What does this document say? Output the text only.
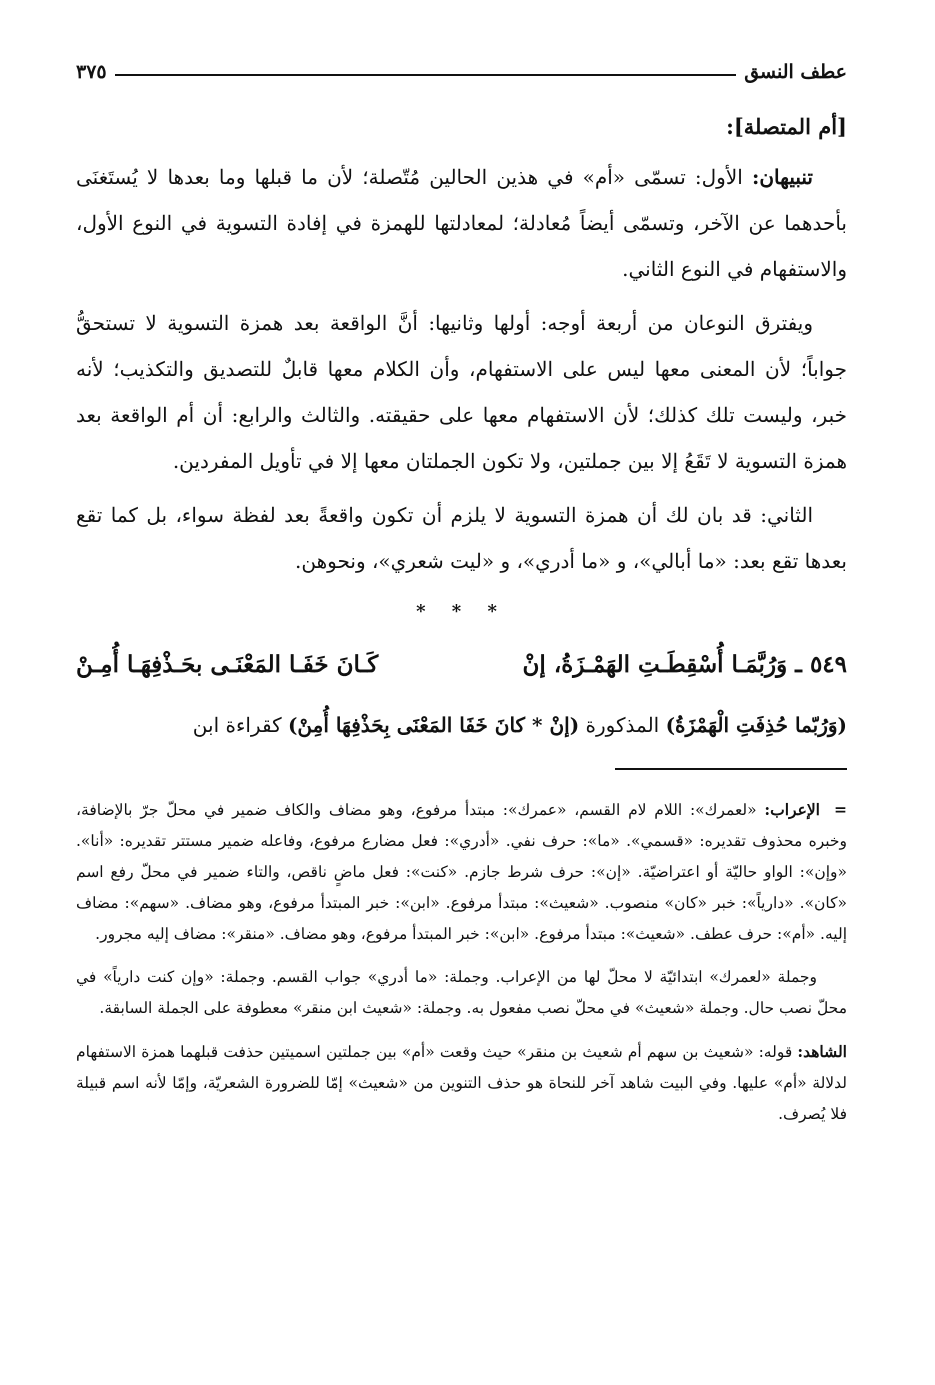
عطف النسق
٣٧٥
[أم المتصلة]:

تنبيهان: الأول: تسمّى «أم» في هذين الحالين مُتّصلة؛ لأن ما قبلها وما بعدها لا يُستَغنَى بأحدهما عن الآخر، وتسمّى أيضاً مُعادلة؛ لمعادلتها للهمزة في إفادة التسوية في النوع الأول، والاستفهام في النوع الثاني.

ويفترق النوعان من أربعة أوجه: أولها وثانيها: أنَّ الواقعة بعد همزة التسوية لا تستحقُّ جواباً؛ لأن المعنى معها ليس على الاستفهام، وأن الكلام معها قابلٌ للتصديق والتكذيب؛ لأنه خبر، وليست تلك كذلك؛ لأن الاستفهام معها على حقيقته. والثالث والرابع: أن أم الواقعة بعد همزة التسوية لا تَقَعُ إلا بين جملتين، ولا تكون الجملتان معها إلا في تأويل المفردين.

الثاني: قد بان لك أن همزة التسوية لا يلزم أن تكون واقعةً بعد لفظة سواء، بل كما تقع بعدها تقع بعد: «ما أبالي»، و «ما أدري»، و «ليت شعري»، ونحوهن.

* * *
٥٤٩ ـ وَرُبَّمَـا أُسْقِطَـتِ الهَمْـزَةُ، إنْ
كَـانَ خَفَـا المَعْنَـى بحَـذْفِهَـا أُمِـنْ
(وَرُبّما حُذِفَتِ الْهَمْزَةُ) المذكورة (إنْ * كانَ خَفَا المَعْنَى بِحَذْفِهَا أُمِنْ) كقراءة ابن

=الإعراب: «لعمرك»: اللام لام القسم، «عمرك»: مبتدأ مرفوع، وهو مضاف والكاف ضمير في محلّ جرّ بالإضافة، وخبره محذوف تقديره: «قسمي». «ما»: حرف نفي. «أدري»: فعل مضارع مرفوع، وفاعله ضمير مستتر تقديره: «أنا». «وإن»: الواو حاليّة أو اعتراضيّة. «إن»: حرف شرط جازم. «كنت»: فعل ماضٍ ناقص، والتاء ضمير في محلّ رفع اسم «كان». «دارياً»: خبر «كان» منصوب. «شعيث»: مبتدأ مرفوع. «ابن»: خبر المبتدأ مرفوع، وهو مضاف. «سهم»: مضاف إليه. «أم»: حرف عطف. «شعيث»: مبتدأ مرفوع. «ابن»: خبر المبتدأ مرفوع، وهو مضاف. «منقر»: مضاف إليه مجرور.

وجملة «لعمرك» ابتدائيّة لا محلّ لها من الإعراب. وجملة: «ما أدري» جواب القسم. وجملة: «وإن كنت دارياً» في محلّ نصب حال. وجملة «شعيث» في محلّ نصب مفعول به. وجملة: «شعيث ابن منقر» معطوفة على الجملة السابقة.

الشاهد: قوله: «شعيث بن سهم أم شعيث بن منقر» حيث وقعت «أم» بين جملتين اسميتين حذفت قبلهما همزة الاستفهام لدلالة «أم» عليها. وفي البيت شاهد آخر للنحاة هو حذف التنوين من «شعيث» إمّا للضرورة الشعريّة، وإمّا لأنه اسم قبيلة فلا يُصرف.
